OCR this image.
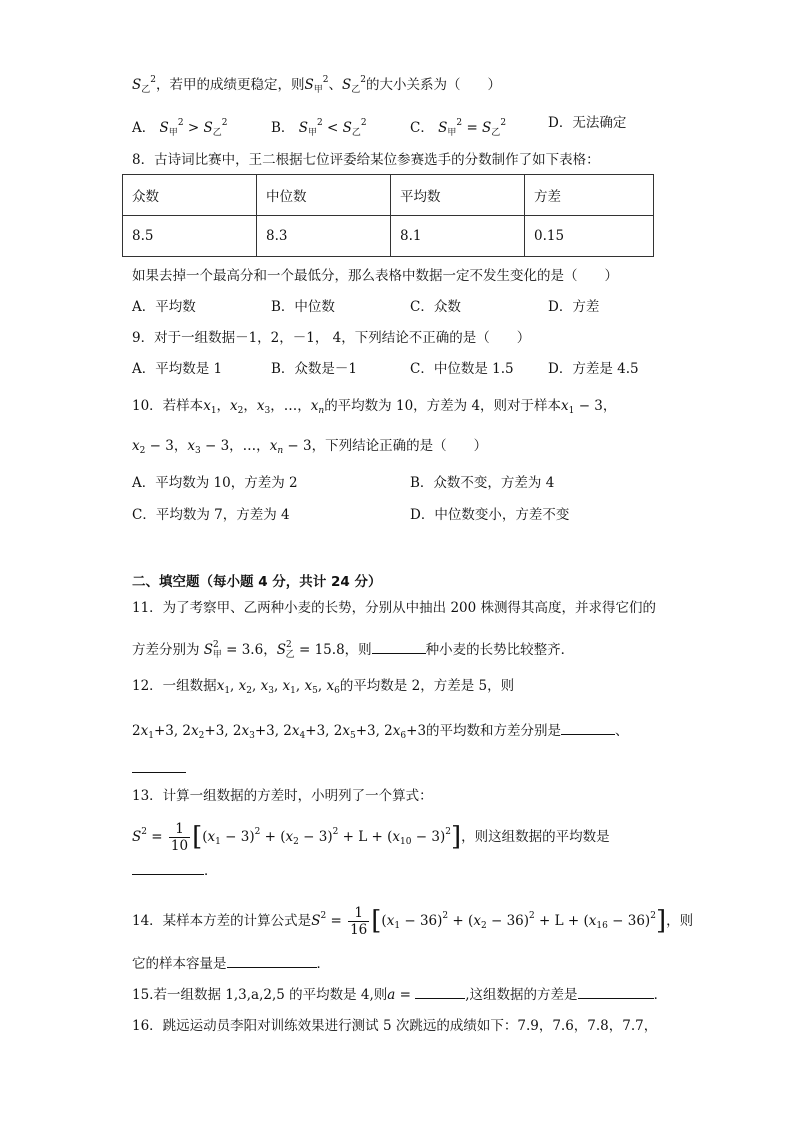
$S_乙^2$，若甲的成绩更稳定，则$S_甲^2$、$S_乙^2$的大小关系为（　　）
A． $S_甲^2 > S_乙^2$	B． $S_甲^2 < S_乙^2$	C． $S_甲^2 = S_乙^2$	D．无法确定
8．古诗词比赛中，王二根据七位评委给某位参赛选手的分数制作了如下表格：
众数	中位数	平均数	方差
8.5	8.3	8.1	0.15
如果去掉一个最高分和一个最低分，那么表格中数据一定不发生变化的是（　　）
A．平均数	B．中位数	C．众数	D．方差
9．对于一组数据－1，2，－1， 4，下列结论不正确的是（　　）
A．平均数是 1	B．众数是－1	C．中位数是 1.5	D．方差是 4.5
10．若样本$x_1$，$x_2$，$x_3$，…，$x_n$的平均数为 10，方差为 4，则对于样本$x_1 - 3$，
$x_2 - 3$，$x_3 - 3$，…，$x_n - 3$，下列结论正确的是（　　）
A．平均数为 10，方差为 2	B．众数不变，方差为 4
C．平均数为 7，方差为 4	D．中位数变小，方差不变
二、填空题（每小题 4 分，共计 24 分）
11．为了考察甲、乙两种小麦的长势，分别从中抽出 200 株测得其高度，并求得它们的
方差分别为 $S^2_甲 = 3.6$，$S^2_乙 = 15.8$，则	种小麦的长势比较整齐．
12．一组数据$x_1$, $x_2$, $x_3$, $x_1$, $x_5$, $x_6$的平均数是 2，方差是 5，则
$2x_1+3$, $2x_2+3$, $2x_3+3$, $2x_4+3$, $2x_5+3$, $2x_6+3$的平均数和方差分别是	、
13．计算一组数据的方差时，小明列了一个算式：
$S^2 = \frac{1}{10} [(x_1 - 3)^2 + (x_2 - 3)^2 + L + (x_{10} - 3)^2]$，则这组数据的平均数是
．
14．某样本方差的计算公式是$S^2 = \frac{1}{16} [(x_1 - 36)^2 + (x_2 - 36)^2 + L + (x_{16} - 36)^2]$，则
它的样本容量是	．
15.若一组数据 1,3,a,2,5 的平均数是 4,则a =	,这组数据的方差是	．
16．跳远运动员李阳对训练效果进行测试 5 次跳远的成绩如下：7.9，7.6，7.8，7.7，
